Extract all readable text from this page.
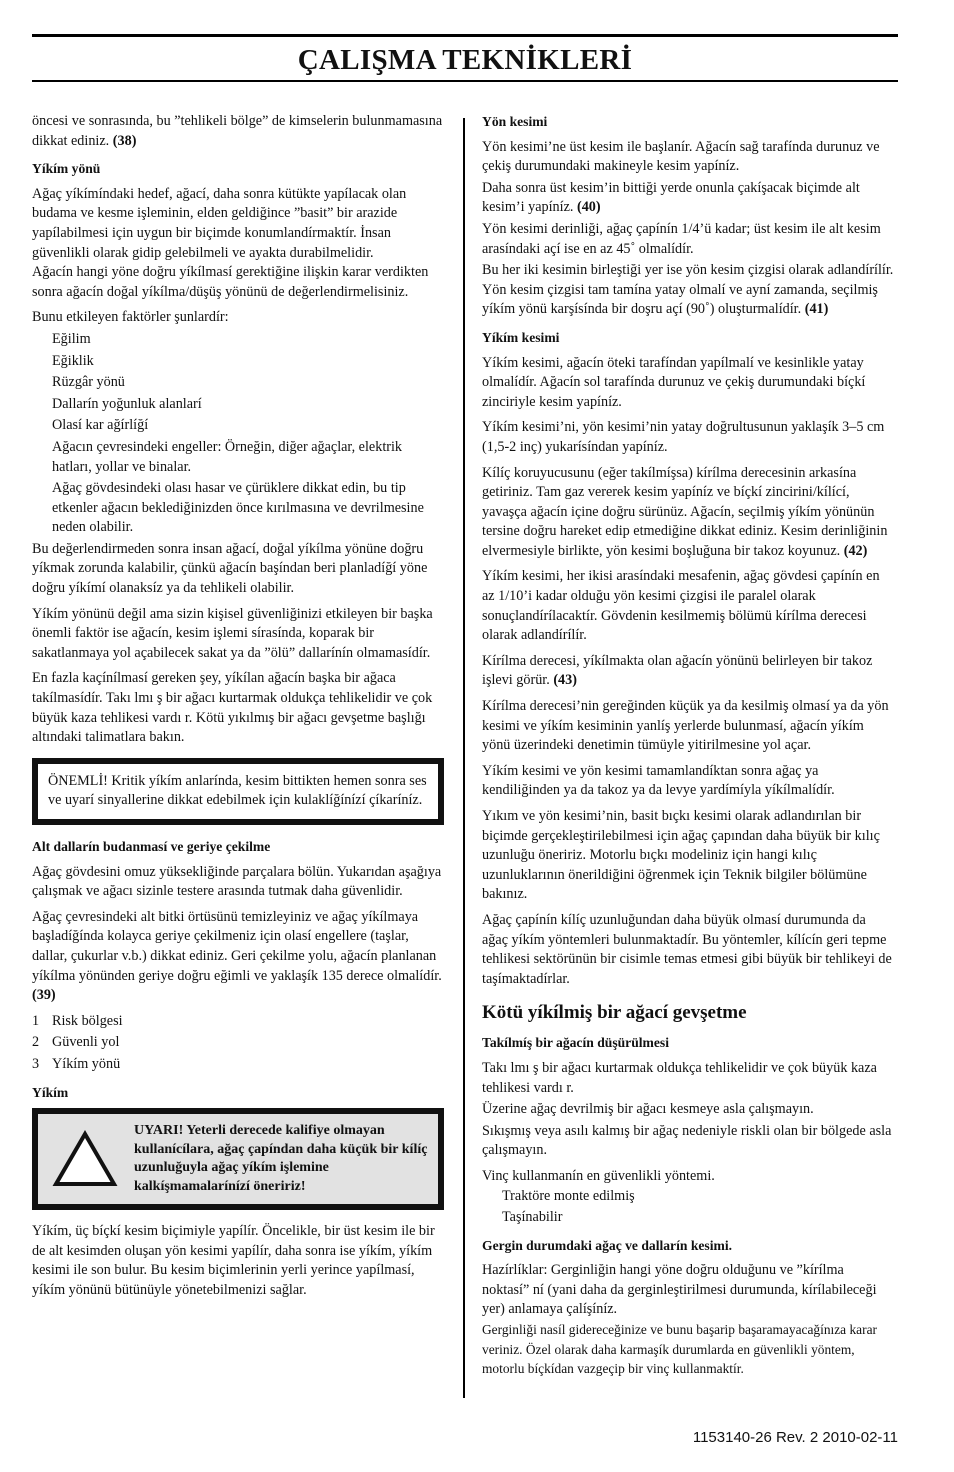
ÇALIŞMA TEKNİKLERİ

öncesi ve sonrasında, bu ”tehlikeli bölge” de kimselerin bulunmamasına dikkat ediniz. (38)

Yíkím yönü

Ağaç yíkímíndaki hedef, ağací, daha sonra kütükte yapílacak olan budama ve kesme işleminin, elden geldiğince ”basit” bir arazide yapílabilmesi için uygun bir biçimde konumlandírmaktír. İnsan güvenlikli olarak gidip gelebilmeli ve ayakta durabilmelidir.

Ağacín hangi yöne doğru yíkílmasí gerektiğine ilişkin karar verdikten sonra ağacín doğal yíkílma/düşüş yönünü de değerlendirmelisiniz.

Bunu etkileyen faktörler şunlardír:

Eğilim

Eğiklik

Rüzgâr yönü

Dallarín yoğunluk alanlarí

Olasí kar ağírlíğí

Ağacın çevresindeki engeller: Örneğin, diğer ağaçlar, elektrik hatları, yollar ve binalar.

Ağaç gövdesindeki olası hasar ve çürüklere dikkat edin, bu tip etkenler ağacın beklediğinizden önce kırılmasına ve devrilmesine neden olabilir.

Bu değerlendirmeden sonra insan ağací, doğal yíkílma yönüne doğru yíkmak zorunda kalabilir, çünkü ağacín başíndan beri planladíğí yöne doğru yíkímí olanaksíz ya da tehlikeli olabilir.

Yíkím yönünü değil ama sizin kişisel güvenliğinizi etkileyen bir başka önemli faktör ise ağacín, kesim işlemi sírasínda, koparak bir sakatlanmaya yol açabilecek sakat ya da ”ölü” dallarínín olmamasídír.

En fazla kaçínílmasí gereken şey, yíkílan ağacín başka bir ağaca takílmasídír. Takı lmı ş bir ağacı kurtarmak oldukça tehlikelidir ve çok büyük kaza tehlikesi vardı r. Kötü yıkılmış bir ağacı gevşetme başlığı altındaki talimatlara bakın.

ÖNEMLİ! Kritik yíkím anlarínda, kesim bittikten hemen sonra ses ve uyarí sinyallerine dikkat edebilmek için kulaklíğínízí çíkaríníz.
Alt dallarín budanmasí ve geriye çekilme

Ağaç gövdesini omuz yüksekliğinde parçalara bölün. Yukarıdan aşağıya çalışmak ve ağacı sizinle testere arasında tutmak daha güvenlidir.

Ağaç çevresindeki alt bitki örtüsünü temizleyiniz ve ağaç yíkílmaya başladíğínda kolayca geriye çekilmeniz için olasí engellere (taşlar, dallar, çukurlar v.b.) dikkat ediniz. Geri çekilme yolu, ağacín planlanan yíkílma yönünden geriye doğru eğimli ve yaklaşík 135 derece olmalídír. (39)

1 Risk bölgesi
2 Güvenli yol
3 Yíkím yönü
Yíkím
UYARI! Yeterli derecede kalifiye olmayan kullanícílara, ağaç çapíndan daha küçük bir kílíç uzunluğuyla ağaç yíkím işlemine kalkíşmamalarínízí öneririz!

Yíkím, üç bíçkí kesim biçimiyle yapílír. Öncelikle, bir üst kesim ile bir de alt kesimden oluşan yön kesimi yapílír, daha sonra ise yíkím, yíkím kesimi ile son bulur. Bu kesim biçimlerinin yerli yerince yapílmasí, yíkím yönünü bütünüyle yönetebilmenizi sağlar.

Yön kesimi

Yön kesimi’ne üst kesim ile başlanír. Ağacín sağ tarafínda durunuz ve çekiş durumundaki makineyle kesim yapíníz.

Daha sonra üst kesim’in bittiği yerde onunla çakíşacak biçimde alt kesim’i yapíníz. (40)

Yön kesimi derinliği, ağaç çapínín 1/4’ü kadar; üst kesim ile alt kesim arasíndaki açí ise en az 45˚ olmalídír.

Bu her iki kesimin birleştiği yer ise yön kesim çizgisi olarak adlandírílír. Yön kesim çizgisi tam tamína yatay olmalí ve ayní zamanda, seçilmiş yíkím yönü karşísínda bir doşru açí (90˚) oluşturmalídír. (41)

Yíkím kesimi

Yíkím kesimi, ağacín öteki tarafíndan yapílmalí ve kesinlikle yatay olmalídír. Ağacín sol tarafínda durunuz ve çekiş durumundaki bíçkí zinciriyle kesim yapíníz.

Yíkím kesimi’ni, yön kesimi’nin yatay doğrultusunun yaklaşík 3–5 cm (1,5-2 inç) yukarísíndan yapíníz.

Kílíç koruyucusunu (eğer takílmíşsa) kírílma derecesinin arkasína getiriniz. Tam gaz vererek kesim yapíníz ve bíçkí zincirini/kílící, yavaşça ağacín içine doğru sürünüz. Ağacín, seçilmiş yíkím yönünün tersine doğru hareket edip etmediğine dikkat ediniz. Kesim derinliğinin elvermesiyle birlikte, yön kesimi boşluğuna bir takoz koyunuz. (42)

Yíkím kesimi, her ikisi arasíndaki mesafenin, ağaç gövdesi çapínín en az 1/10’i kadar olduğu yön kesimi çizgisi ile paralel olarak sonuçlandírílacaktír. Gövdenin kesilmemiş bölümü kírílma derecesi olarak adlandírílír.

Kírílma derecesi, yíkílmakta olan ağacín yönünü belirleyen bir takoz işlevi görür. (43)

Kírílma derecesi’nin gereğinden küçük ya da kesilmiş olmasí ya da yön kesimi ve yíkím kesiminin yanlíş yerlerde bulunmasí, ağacín yíkím yönü üzerindeki denetimin tümüyle yitirilmesine yol açar.

Yíkím kesimi ve yön kesimi tamamlandíktan sonra ağaç ya kendiliğinden ya da takoz ya da levye yardímíyla yíkílmalídír.

Yıkım ve yön kesimi’nin, basit bıçkı kesimi olarak adlandırılan bir biçimde gerçekleştirilebilmesi için ağaç çapından daha büyük bir kılıç uzunluğu öneririz. Motorlu bıçkı modeliniz için hangi kılıç uzunluklarının önerildiğini öğrenmek için Teknik bilgiler bölümüne bakınız.

Ağaç çapínín kílíç uzunluğundan daha büyük olmasí durumunda da ağaç yíkím yöntemleri bulunmaktadír. Bu yöntemler, kílícín geri tepme tehlikesi sektörünün bir cisimle temas etmesi gibi büyük bir tehlikeyi de taşímaktadírlar.

Kötü yíkílmiş bir ağací gevşetme
Takílmíş bir ağacín düşürülmesi

Takı lmı ş bir ağacı kurtarmak oldukça tehlikelidir ve çok büyük kaza tehlikesi vardı r.

Üzerine ağaç devrilmiş bir ağacı kesmeye asla çalışmayın.

Sıkışmış veya asılı kalmış bir ağaç nedeniyle riskli olan bir bölgede asla çalışmayın.

Vinç kullanmanín en güvenlikli yöntemi.

Traktöre monte edilmiş

Taşínabilir

Gergin durumdaki ağaç ve dallarín kesimi.

Hazírlíklar: Gerginliğin hangi yöne doğru olduğunu ve ”kírílma noktasí” ní (yani daha da gerginleştirilmesi durumunda, kírílabileceği yer) anlamaya çalíşíníz.

Gerginliği nasíl gidereceğinize ve bunu başarip başaramayacağínıza karar veriniz. Özel olarak daha karmaşík durumlarda en güvenlikli yöntem, motorlu bíçkídan vazgeçip bir vinç kullanmaktír.

1153140-26 Rev. 2 2010-02-11
